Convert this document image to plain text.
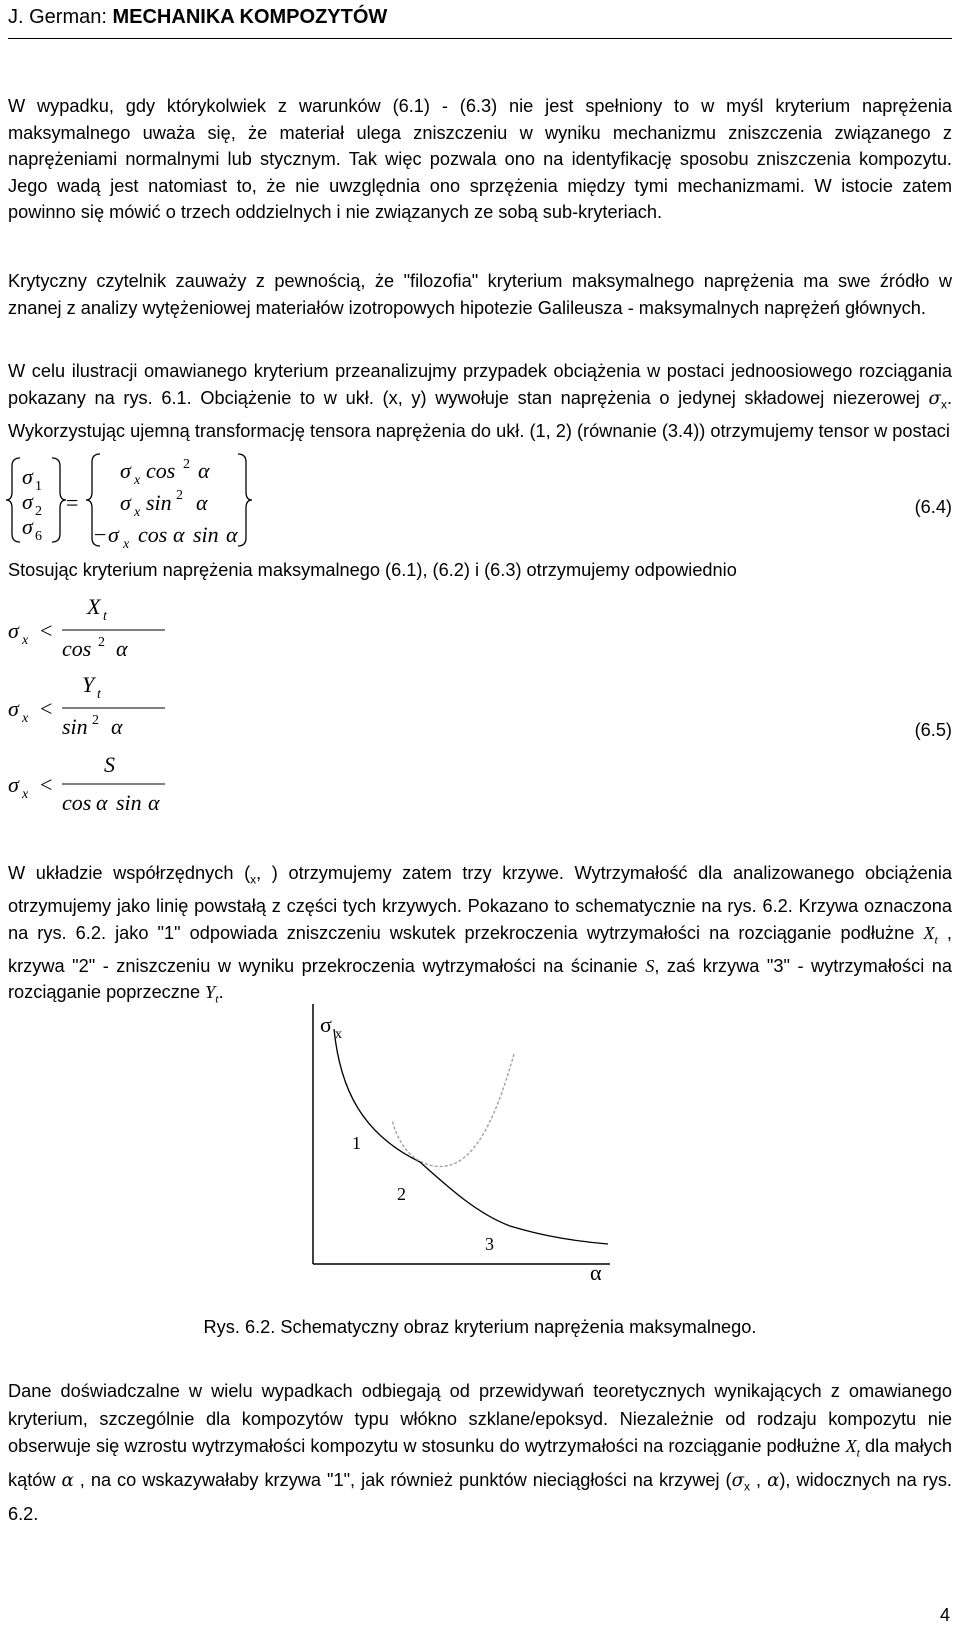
J. German: MECHANIKA KOMPOZYTÓW

W wypadku, gdy którykolwiek z warunków (6.1) - (6.3) nie jest spełniony to w myśl kryterium naprężenia maksymalnego uważa się, że materiał ulega zniszczeniu w wyniku mechanizmu zniszczenia związanego z naprężeniami normalnymi lub stycznym. Tak więc pozwala ono na identyfikację sposobu zniszczenia kompozytu. Jego wadą jest natomiast to, że nie uwzględnia ono sprzężenia między tymi mechanizmami. W istocie zatem powinno się mówić o trzech oddzielnych i nie związanych ze sobą sub-kryteriach.

Krytyczny czytelnik zauważy z pewnością, że "filozofia" kryterium maksymalnego naprężenia ma swe źródło w znanej z analizy wytężeniowej materiałów izotropowych hipotezie Galileusza - maksymalnych naprężeń głównych.

W celu ilustracji omawianego kryterium przeanalizujmy przypadek obciążenia w postaci jednoosiowego rozciągania pokazany na rys. 6.1. Obciążenie to w ukł. (x, y) wywołuje stan naprężenia o jedynej składowej niezerowej $\sigma_x$. Wykorzystując ujemną transformację tensora naprężenia do ukł. (1, 2) (równanie (3.4)) otrzymujemy tensor w postaci

σ 1
σ 2
σ 6
=
σ x cos 2 α
σ x sin 2 α
− σ x cos α sin α
(6.4)

Stosując kryterium naprężenia maksymalnego (6.1), (6.2) i (6.3) otrzymujemy odpowiednio

σ x <
X t
cos 2 α
σ x <
Y t
sin 2 α
σ x <
S
cos α sin α
(6.5)

W układzie współrzędnych ($_x$, ) otrzymujemy zatem trzy krzywe. Wytrzymałość dla analizowanego obciążenia otrzymujemy jako linię powstałą z części tych krzywych. Pokazano to schematycznie na rys. 6.2. Krzywa oznaczona na rys. 6.2. jako "1" odpowiada zniszczeniu wskutek przekroczenia wytrzymałości na rozciąganie podłużne $X_t$ , krzywa "2" - zniszczeniu w wyniku przekroczenia wytrzymałości na ścinanie S, zaś krzywa "3" - wytrzymałości na rozciąganie poprzeczne $Y_t$.

σ x
1
2
3
α
Rys. 6.2. Schematyczny obraz kryterium naprężenia maksymalnego.

Dane doświadczalne w wielu wypadkach odbiegają od przewidywań teoretycznych wynikających z omawianego kryterium, szczególnie dla kompozytów typu włókno szklane/epoksyd. Niezależnie od rodzaju kompozytu nie obserwuje się wzrostu wytrzymałości kompozytu w stosunku do wytrzymałości na rozciąganie podłużne $X_t$ dla małych kątów α , na co wskazywałaby krzywa "1", jak również punktów nieciągłości na krzywej ($\sigma_x$ , α), widocznych na rys. 6.2.

4
